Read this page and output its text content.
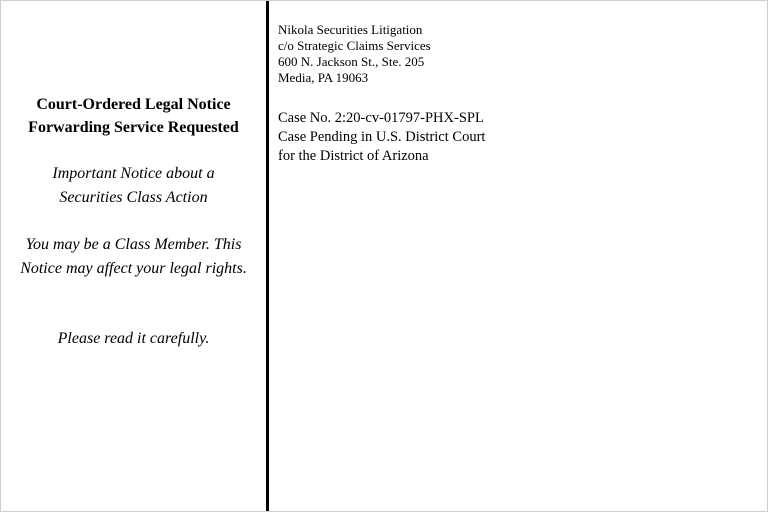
Court-Ordered Legal Notice
Forwarding Service Requested
Important Notice about a
Securities Class Action
You may be a Class Member. This Notice may affect your legal rights.
Please read it carefully.
Nikola Securities Litigation
c/o Strategic Claims Services
600 N. Jackson St., Ste. 205
Media, PA 19063
Case No. 2:20-cv-01797-PHX-SPL
Case Pending in U.S. District Court
for the District of Arizona
